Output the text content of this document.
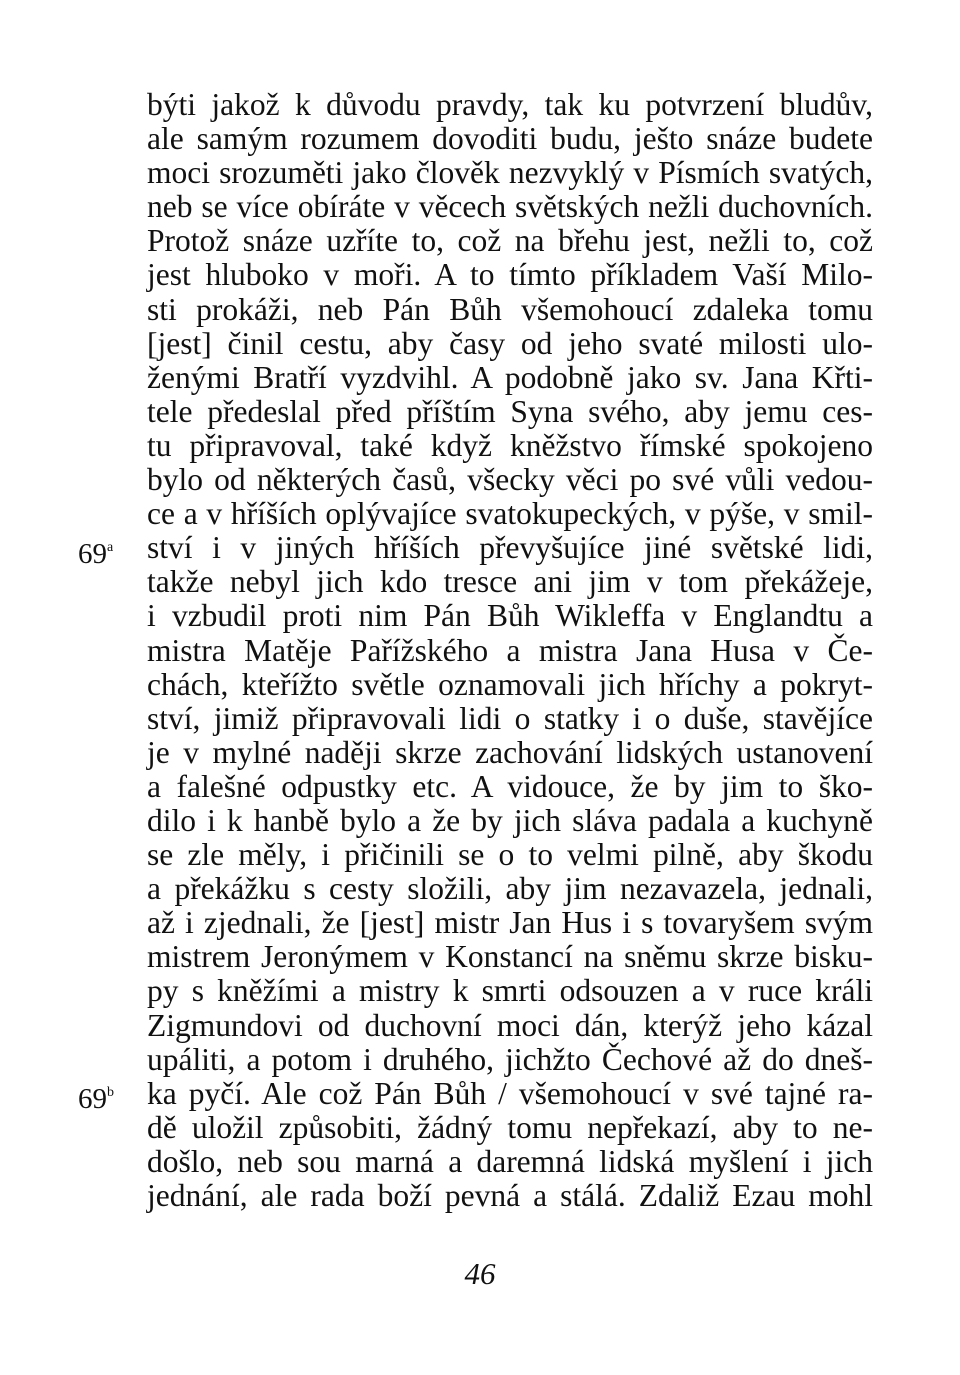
býti jakož k důvodu pravdy, tak ku potvrzení bludův,
ale samým rozumem dovoditi budu, ješto snáze budete
moci srozuměti jako člověk nezvyklý v Písmích svatých,
neb se více obíráte v věcech světských nežli duchovních.
Protož snáze uzříte to, což na břehu jest, nežli to, což
jest hluboko v moři. A to tímto příkladem Vaší Milo-
sti prokáži, neb Pán Bůh všemohoucí zdaleka tomu
[jest] činil cestu, aby časy od jeho svaté milosti ulo-
ženými Bratří vyzdvihl. A podobně jako sv. Jana Křti-
tele předeslal před příštím Syna svého, aby jemu ces-
tu připravoval, také když kněžstvo římské spokojeno
bylo od některých časů, všecky věci po své vůli vedou-
ce a v hříších oplývajíce svatokupeckých, v pýše, v smil-
ství i v jiných hříších převyšujíce jiné světské lidi,
takže nebyl jich kdo tresce ani jim v tom překážeje,
i vzbudil proti nim Pán Bůh Wikleffa v Englandtu a
mistra Matěje Pařížského a mistra Jana Husa v Če-
chách, kteřížto světle oznamovali jich hříchy a pokryt-
ství, jimiž připravovali lidi o statky i o duše, stavějíce
je v mylné naději skrze zachování lidských ustanovení
a falešné odpustky etc. A vidouce, že by jim to ško-
dilo i k hanbě bylo a že by jich sláva padala a kuchyně
se zle měly, i přičinili se o to velmi pilně, aby škodu
a překážku s cesty složili, aby jim nezavazela, jednali,
až i zjednali, že [jest] mistr Jan Hus i s tovaryšem svým
mistrem Jeronýmem v Konstancí na sněmu skrze bisku-
py s kněžími a mistry k smrti odsouzen a v ruce králi
Zigmundovi od duchovní moci dán, kterýž jeho kázal
upáliti, a potom i druhého, jichžto Čechové až do dneš-
ka pyčí. Ale což Pán Bůh / všemohoucí v své tajné ra-
dě uložil způsobiti, žádný tomu nepřekazí, aby to ne-
došlo, neb sou marná a daremná lidská myšlení i jich
jednání, ale rada boží pevná a stálá. Zdaliž Ezau mohl
69$^a$
69$^b$
46
